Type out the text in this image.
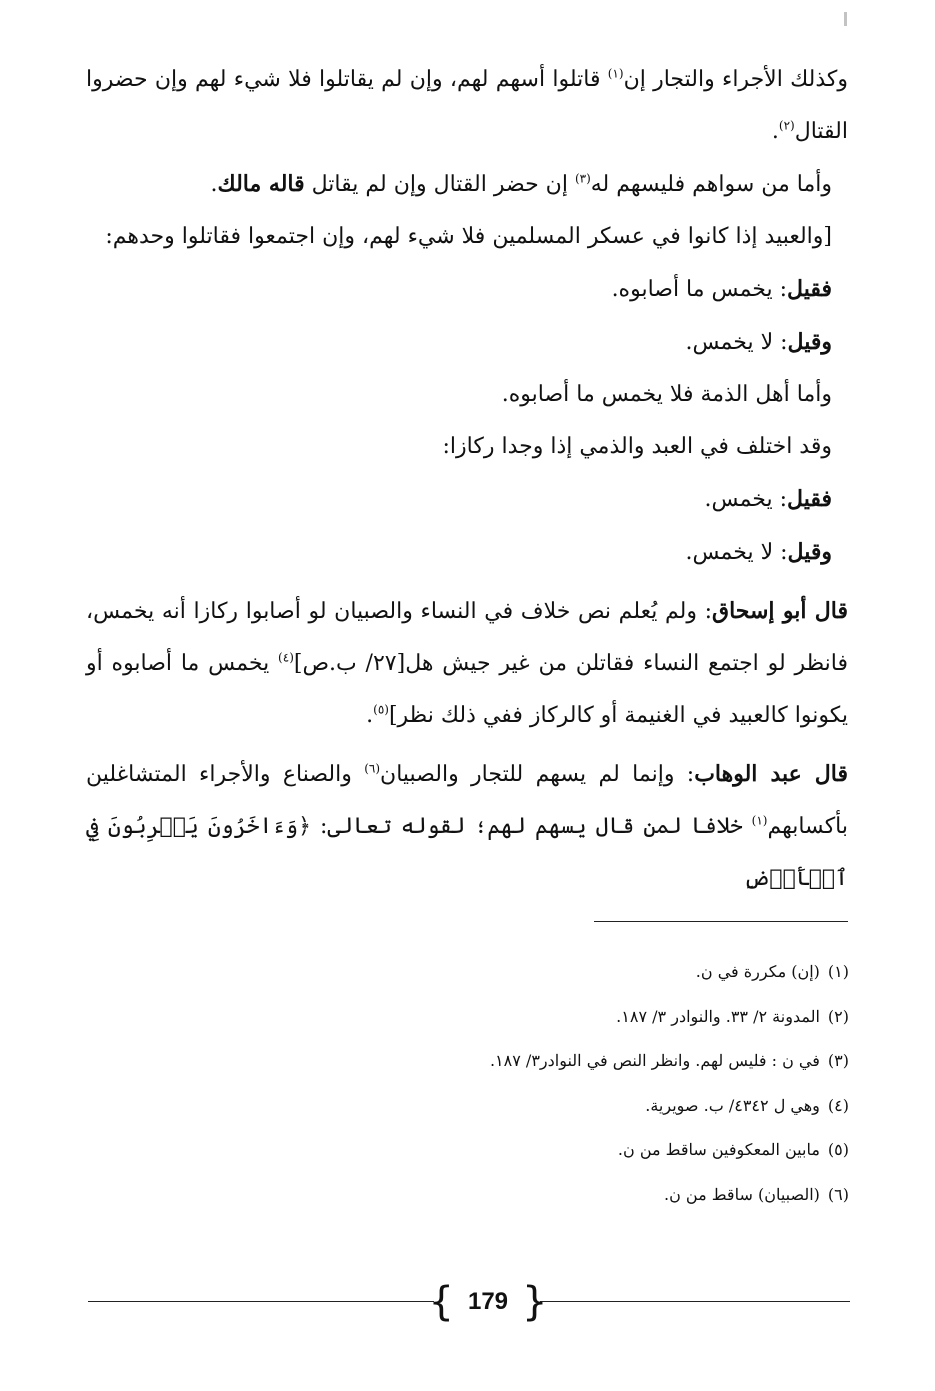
وكذلك الأجراء والتجار إن$^{(١)}$ قاتلوا أسهم لهم، وإن لم يقاتلوا فلا شيء لهم وإن حضروا القتال$^{(٢)}$.

وأما من سواهم فليسهم له$^{(٣)}$ إن حضر القتال وإن لم يقاتل قاله مالك.

[والعبيد إذا كانوا في عسكر المسلمين فلا شيء لهم، وإن اجتمعوا فقاتلوا وحدهم:

فقيل: يخمس ما أصابوه.

وقيل: لا يخمس.

وأما أهل الذمة فلا يخمس ما أصابوه.

وقد اختلف في العبد والذمي إذا وجدا ركازا:

فقيل: يخمس.

وقيل: لا يخمس.

قال أبو إسحاق: ولم يُعلم نص خلاف في النساء والصبيان لو أصابوا ركازا أنه يخمس، فانظر لو اجتمع النساء فقاتلن من غير جيش هل[٢٧/ ب.ص]$^{(٤)}$ يخمس ما أصابوه أو يكونوا كالعبيد في الغنيمة أو كالركاز ففي ذلك نظر]$^{(٥)}$.

قال عبد الوهاب: وإنما لم يسهم للتجار والصبيان$^{(٦)}$ والصناع والأجراء المتشاغلين بأكسابهم$^{(١)}$ خلافا لمن قال يسهم لهم؛ لقوله تعالى: ﴿وَءَاخَرُونَ يَضۡرِبُونَ فِي ٱلۡأَرۡضِ

(١)(إن) مكررة في ن.

(٢)المدونة ٢/ ٣٣. والنوادر ٣/ ١٨٧.

(٣)في ن : فليس لهم. وانظر النص في النوادر٣/ ١٨٧.

(٤)وهي ل ٤٣٤٢/ ب. صويرية.

(٥)مابين المعكوفين ساقط من ن.

(٦)(الصبيان) ساقط من ن.

{ 179 }
